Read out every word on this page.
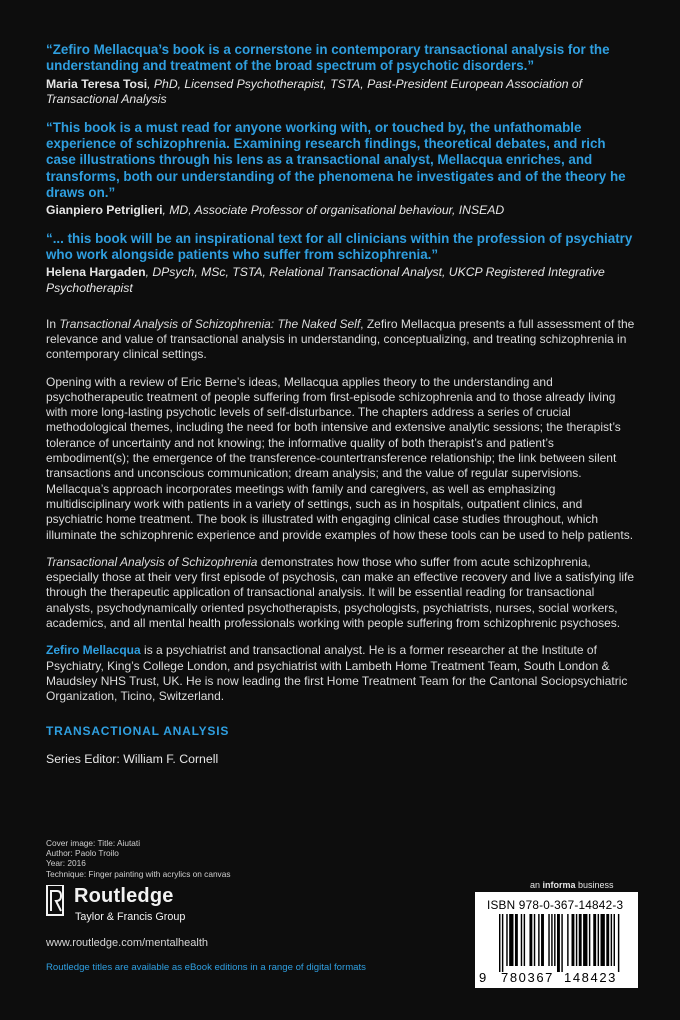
“Zefiro Mellacqua’s book is a cornerstone in contemporary transactional analysis for the understanding and treatment of the broad spectrum of psychotic disorders.”

Maria Teresa Tosi, PhD, Licensed Psychotherapist, TSTA, Past-President European Association of Transactional Analysis

“This book is a must read for anyone working with, or touched by, the unfathomable experience of schizophrenia. Examining research findings, theoretical debates, and rich case illustrations through his lens as a transactional analyst, Mellacqua enriches, and transforms, both our understanding of the phenomena he investigates and of the theory he draws on.”

Gianpiero Petriglieri, MD, Associate Professor of organisational behaviour, INSEAD

“... this book will be an inspirational text for all clinicians within the profession of psychiatry who work alongside patients who suffer from schizophrenia.”

Helena Hargaden, DPsych, MSc, TSTA, Relational Transactional Analyst, UKCP Registered Integrative Psychotherapist

In Transactional Analysis of Schizophrenia: The Naked Self, Zefiro Mellacqua presents a full assessment of the relevance and value of transactional analysis in understanding, conceptualizing, and treating schizophrenia in contemporary clinical settings.

Opening with a review of Eric Berne’s ideas, Mellacqua applies theory to the understanding and psychotherapeutic treatment of people suffering from first-episode schizophrenia and to those already living with more long-lasting psychotic levels of self-disturbance. The chapters address a series of crucial methodological themes, including the need for both intensive and extensive analytic sessions; the therapist’s tolerance of uncertainty and not knowing; the informative quality of both therapist’s and patient’s embodiment(s); the emergence of the transference-countertransference relationship; the link between silent transactions and unconscious communication; dream analysis; and the value of regular supervisions. Mellacqua’s approach incorporates meetings with family and caregivers, as well as emphasizing multidisciplinary work with patients in a variety of settings, such as in hospitals, outpatient clinics, and psychiatric home treatment. The book is illustrated with engaging clinical case studies throughout, which illuminate the schizophrenic experience and provide examples of how these tools can be used to help patients.

Transactional Analysis of Schizophrenia demonstrates how those who suffer from acute schizophrenia, especially those at their very first episode of psychosis, can make an effective recovery and live a satisfying life through the therapeutic application of transactional analysis. It will be essential reading for transactional analysts, psychodynamically oriented psychotherapists, psychologists, psychiatrists, nurses, social workers, academics, and all mental health professionals working with people suffering from schizophrenic psychoses.

Zefiro Mellacqua is a psychiatrist and transactional analyst. He is a former researcher at the Institute of Psychiatry, King’s College London, and psychiatrist with Lambeth Home Treatment Team, South London & Maudsley NHS Trust, UK. He is now leading the first Home Treatment Team for the Cantonal Sociopsychiatric Organization, Ticino, Switzerland.

TRANSACTIONAL ANALYSIS

Series Editor: William F. Cornell

Cover image: Title: Aiutati
Author: Paolo Troilo
Year: 2016
Technique: Finger painting with acrylics on canvas
Routledge
Taylor & Francis Group
www.routledge.com/mentalhealth
Routledge titles are available as eBook editions in a range of digital formats
an informa business
ISBN 978-0-367-14842-3
9 780367 148423
